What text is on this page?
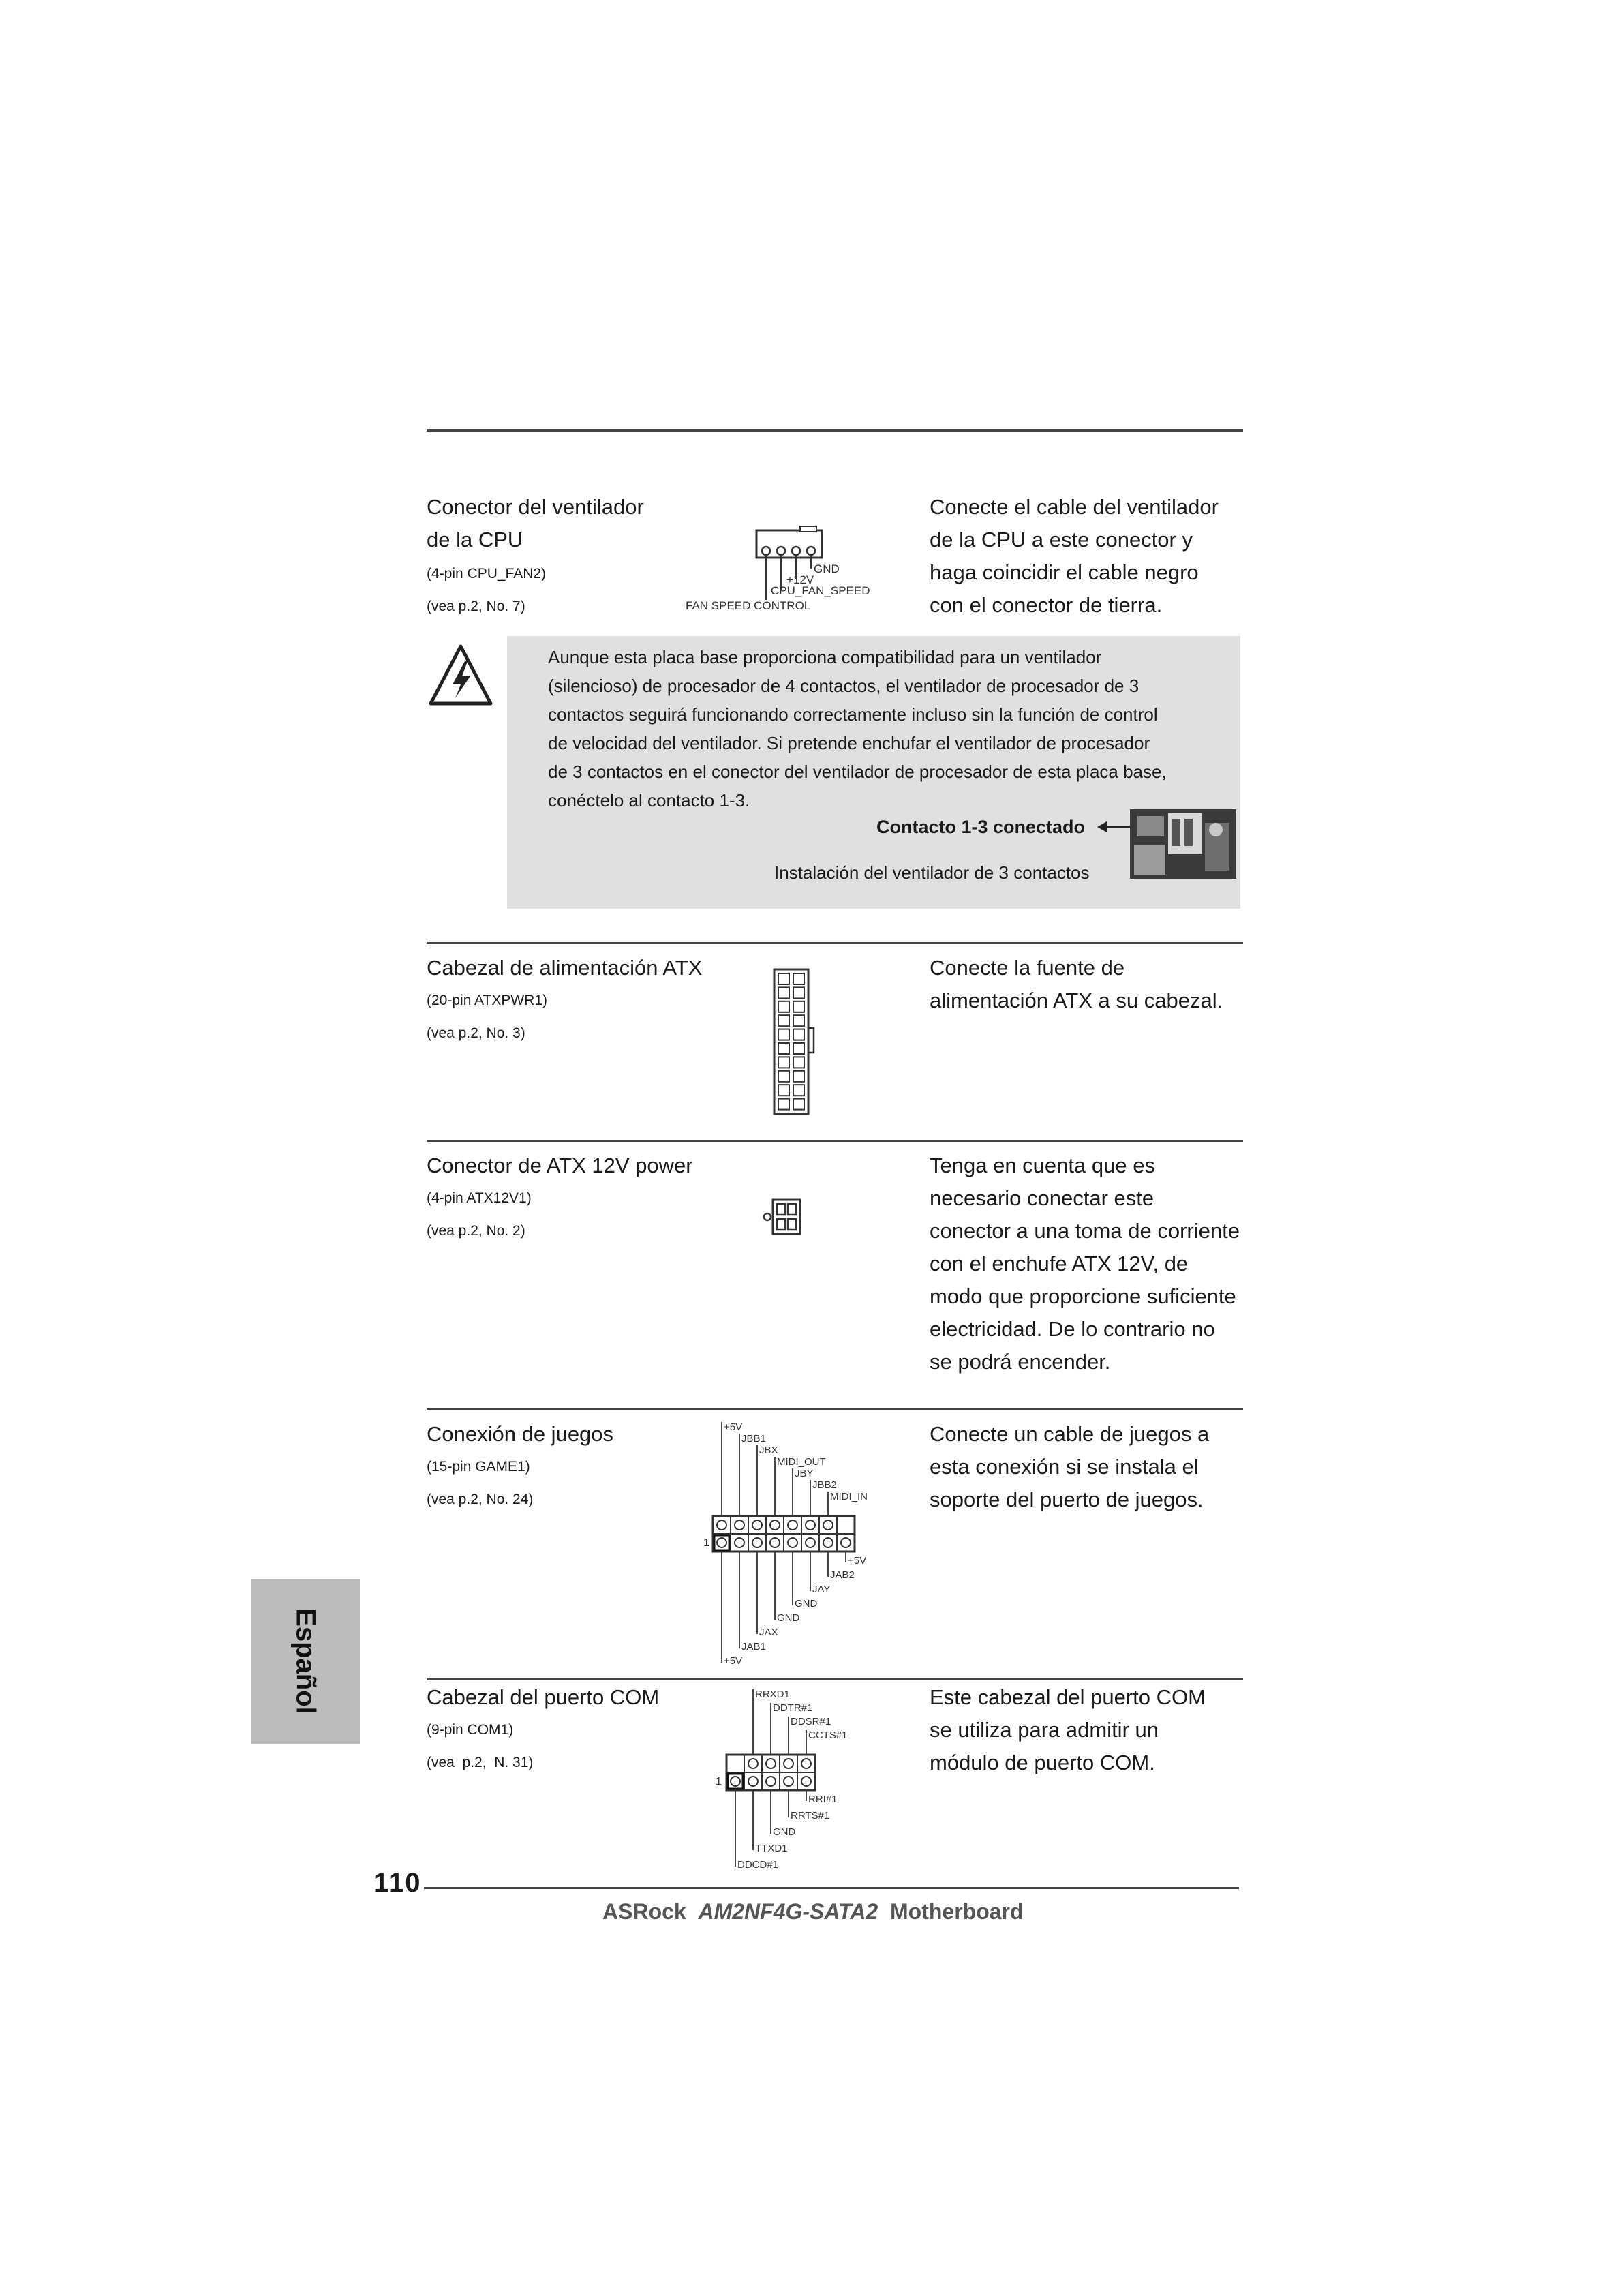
Conector del ventilador
de la CPU
(4-pin CPU_FAN2)
(vea p.2, No. 7)
GND
+12V
CPU_FAN_SPEED
FAN SPEED CONTROL
Conecte el cable del ventilador
de la CPU a este conector y
haga coincidir el cable negro
con el conector de tierra.
Aunque esta placa base proporciona compatibilidad para un ventilador
(silencioso) de procesador de 4 contactos, el ventilador de procesador de 3
contactos seguirá funcionando correctamente incluso sin la función de control
de velocidad del ventilador. Si pretende enchufar el ventilador de procesador
de 3 contactos en el conector del ventilador de procesador de esta placa base,
conéctelo al contacto 1-3.
Contacto 1-3 conectado
Instalación del ventilador de 3 contactos
Cabezal de alimentación ATX
(20-pin ATXPWR1)
(vea p.2, No. 3)
Conecte la fuente de
alimentación ATX a su cabezal.
Conector de ATX 12V power
(4-pin ATX12V1)
(vea p.2, No. 2)
Tenga en cuenta que es
necesario conectar este
conector a una toma de corriente
con el enchufe ATX 12V, de
modo que proporcione suficiente
electricidad. De lo contrario no
se podrá encender.
Conexión de juegos
(15-pin GAME1)
(vea p.2, No. 24)
1
+5V
JBB1
JBX
MIDI_OUT
JBY
JBB2
MIDI_IN
+5V
JAB2
JAY
GND
GND
JAX
JAB1
+5V
Conecte un cable de juegos a
esta conexión si se instala el
soporte del puerto de juegos.
Cabezal del puerto COM
(9-pin COM1)
(vea  p.2,  N. 31)
1
RRXD1
DDTR#1
DDSR#1
CCTS#1
RRI#1
RRTS#1
GND
TTXD1
DDCD#1
Este cabezal del puerto COM
se utiliza para admitir un
módulo de puerto COM.
Español
110
ASRock AM2NF4G-SATA2 Motherboard
